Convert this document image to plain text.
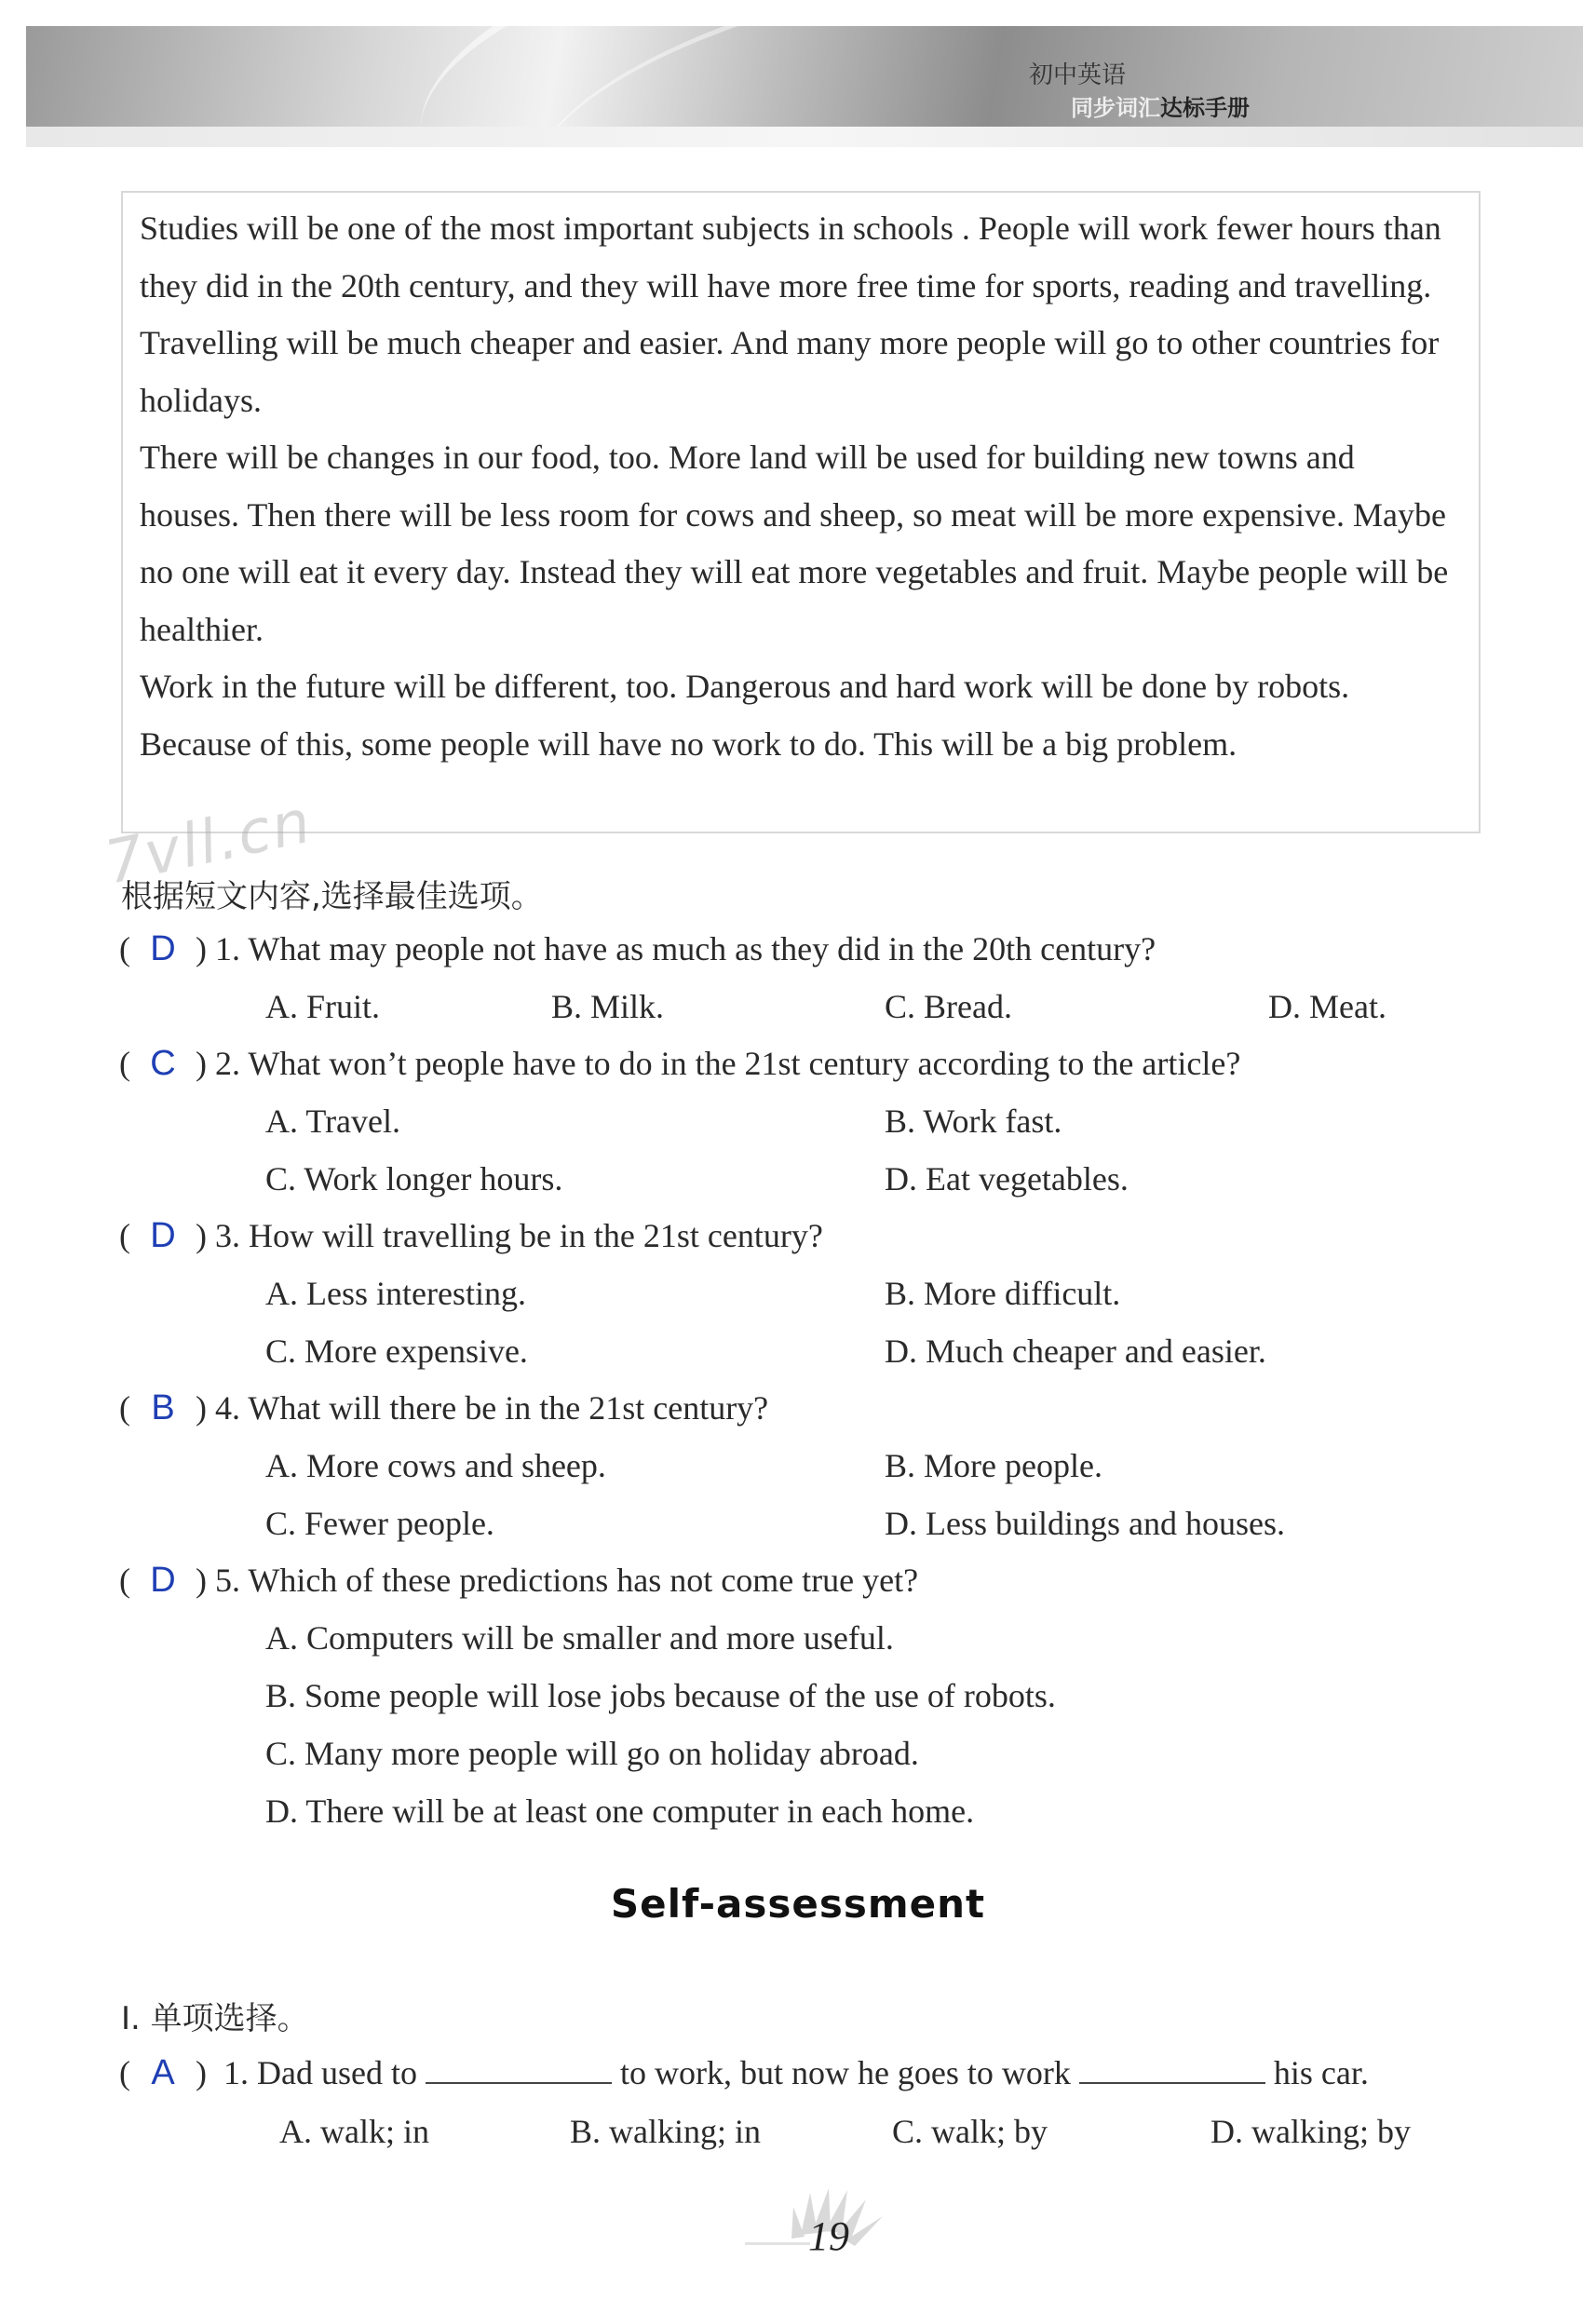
初中英语
同步词汇达标手册

Studies will be one of the most important subjects in schools . People will work fewer hours than they did in the 20th century, and they will have more free time for sports, reading and travelling. Travelling will be much cheaper and easier. And many more people will go to other countries for holidays.

There will be changes in our food, too. More land will be used for building new towns and houses. Then there will be less room for cows and sheep, so meat will be more expensive. Maybe no one will eat it every day. Instead they will eat more vegetables and fruit. Maybe people will be healthier.

Work in the future will be different, too. Dangerous and hard work will be done by robots. Because of this, some people will have no work to do. This will be a big problem.

7vll.cn
根据短文内容,选择最佳选项。
( D ) 1. What may people not have as much as they did in the 20th century?
A. Fruit.	B. Milk.	C. Bread.	D. Meat.
( C ) 2. What won’t people have to do in the 21st century according to the article?
A. Travel.	B. Work fast.
C. Work longer hours.	D. Eat vegetables.
( D ) 3. How will travelling be in the 21st century?
A. Less interesting.	B. More difficult.
C. More expensive.	D. Much cheaper and easier.
( B ) 4. What will there be in the 21st century?
A. More cows and sheep.	B. More people.
C. Fewer people.	D. Less buildings and houses.
( D ) 5. Which of these predictions has not come true yet?
A. Computers will be smaller and more useful.
B. Some people will lose jobs because of the use of robots.
C. Many more people will go on holiday abroad.
D. There will be at least one computer in each home.
Self-assessment
Ⅰ. 单项选择。
( A )  1. Dad used to	to work, but now he goes to work	his car.
A. walk; in	B. walking; in	C. walk; by	D. walking; by
19
